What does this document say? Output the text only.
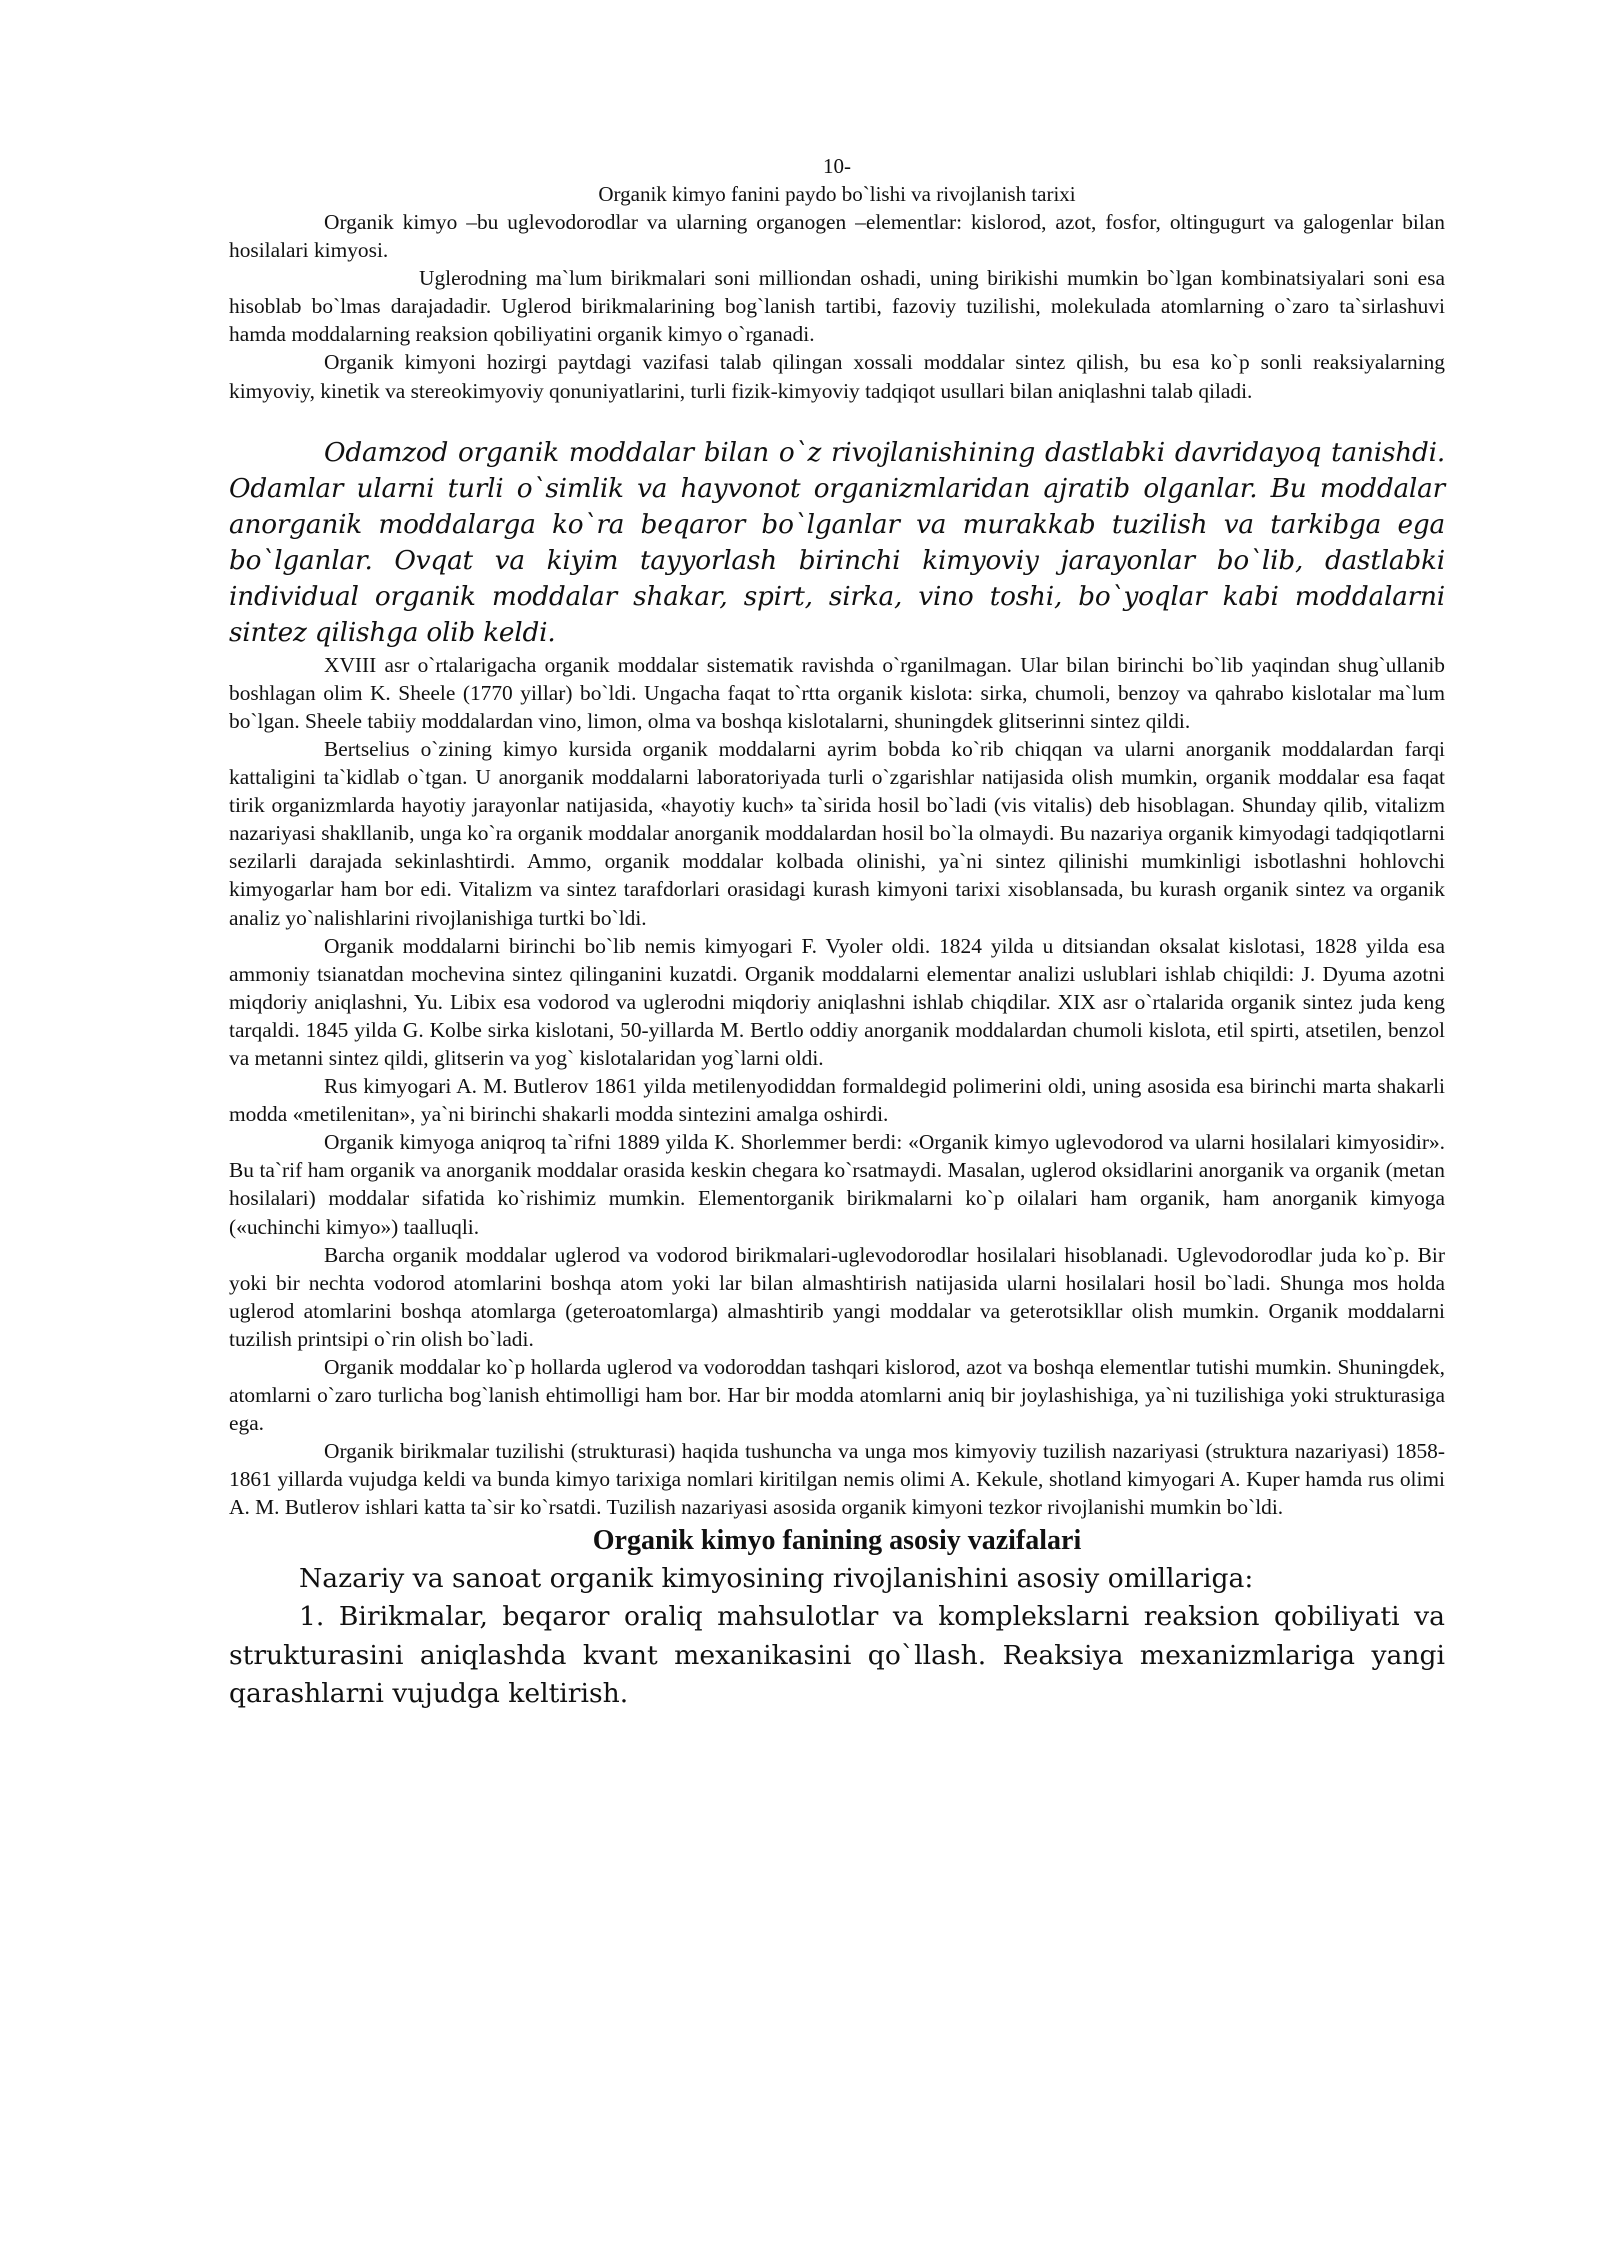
10-
Organik kimyo fanini paydo bo`lishi va rivojlanish tarixi

Organik kimyo –bu uglevodorodlar va ularning organogen –elementlar: kislorod, azot, fosfor, oltingugurt va galogenlar bilan hosilalari kimyosi.

Uglerodning ma`lum birikmalari soni milliondan oshadi, uning birikishi mumkin bo`lgan kombinatsiyalari soni esa hisoblab bo`lmas darajadadir. Uglerod birikmalarining bog`lanish tartibi, fazoviy tuzilishi, molekulada atomlarning o`zaro ta`sirlashuvi hamda moddalarning reaksion qobiliyatini organik kimyo o`rganadi.

Organik kimyoni hozirgi paytdagi vazifasi talab qilingan xossali moddalar sintez qilish, bu esa ko`p sonli reaksiyalarning kimyoviy, kinetik va stereokimyoviy qonuniyatlarini, turli fizik-kimyoviy tadqiqot usullari bilan aniqlashni talab qiladi.

Odamzod organik moddalar bilan o`z rivojlanishining dastlabki davridayoq tanishdi. Odamlar ularni turli o`simlik va hayvonot organizmlaridan ajratib olganlar. Bu moddalar anorganik moddalarga ko`ra beqaror bo`lganlar va murakkab tuzilish va tarkibga ega bo`lganlar. Ovqat va kiyim tayyorlash birinchi kimyoviy jarayonlar bo`lib, dastlabki individual organik moddalar shakar, spirt, sirka, vino toshi, bo`yoqlar kabi moddalarni sintez qilishga olib keldi.

XVIII asr o`rtalarigacha organik moddalar sistematik ravishda o`rganilmagan. Ular bilan birinchi bo`lib yaqindan shug`ullanib boshlagan olim K. Sheele (1770 yillar) bo`ldi. Ungacha faqat to`rtta organik kislota: sirka, chumoli, benzoy va qahrabo kislotalar ma`lum bo`lgan. Sheele tabiiy moddalardan vino, limon, olma va boshqa kislotalarni, shuningdek glitserinni sintez qildi.

Bertselius o`zining kimyo kursida organik moddalarni ayrim bobda ko`rib chiqqan va ularni anorganik moddalardan farqi kattaligini ta`kidlab o`tgan. U anorganik moddalarni laboratoriyada turli o`zgarishlar natijasida olish mumkin, organik moddalar esa faqat tirik organizmlarda hayotiy jarayonlar natijasida, «hayotiy kuch» ta`sirida hosil bo`ladi (vis vitalis) deb hisoblagan. Shunday qilib, vitalizm nazariyasi shakllanib, unga ko`ra organik moddalar anorganik moddalardan hosil bo`la olmaydi. Bu nazariya organik kimyodagi tadqiqotlarni sezilarli darajada sekinlashtirdi. Ammo, organik moddalar kolbada olinishi, ya`ni sintez qilinishi mumkinligi isbotlashni hohlovchi kimyogarlar ham bor edi. Vitalizm va sintez tarafdorlari orasidagi kurash kimyoni tarixi xisoblansada, bu kurash organik sintez va organik analiz yo`nalishlarini rivojlanishiga turtki bo`ldi.

Organik moddalarni birinchi bo`lib nemis kimyogari F. Vyoler oldi. 1824 yilda u ditsiandan oksalat kislotasi, 1828 yilda esa ammoniy tsianatdan mochevina sintez qilinganini kuzatdi. Organik moddalarni elementar analizi uslublari ishlab chiqildi: J. Dyuma azotni miqdoriy aniqlashni, Yu. Libix esa vodorod va uglerodni miqdoriy aniqlashni ishlab chiqdilar. XIX asr o`rtalarida organik sintez juda keng tarqaldi. 1845 yilda G. Kolbe sirka kislotani, 50-yillarda M. Bertlo oddiy anorganik moddalardan chumoli kislota, etil spirti, atsetilen, benzol va metanni sintez qildi, glitserin va yog` kislotalaridan yog`larni oldi.

Rus kimyogari A. M. Butlerov 1861 yilda metilenyodiddan formaldegid polimerini oldi, uning asosida esa birinchi marta shakarli modda «metilenitan», ya`ni birinchi shakarli modda sintezini amalga oshirdi.

Organik kimyoga aniqroq ta`rifni 1889 yilda K. Shorlemmer berdi: «Organik kimyo uglevodorod va ularni hosilalari kimyosidir». Bu ta`rif ham organik va anorganik moddalar orasida keskin chegara ko`rsatmaydi. Masalan, uglerod oksidlarini anorganik va organik (metan hosilalari) moddalar sifatida ko`rishimiz mumkin. Elementorganik birikmalarni ko`p oilalari ham organik, ham anorganik kimyoga («uchinchi kimyo») taalluqli.

Barcha organik moddalar uglerod va vodorod birikmalari-uglevodorodlar hosilalari hisoblanadi. Uglevodorodlar juda ko`p. Bir yoki bir nechta vodorod atomlarini boshqa atom yoki lar bilan almashtirish natijasida ularni hosilalari hosil bo`ladi. Shunga mos holda uglerod atomlarini boshqa atomlarga (geteroatomlarga) almashtirib yangi moddalar va geterotsikllar olish mumkin. Organik moddalarni tuzilish printsipi o`rin olish bo`ladi.

Organik moddalar ko`p hollarda uglerod va vodoroddan tashqari kislorod, azot va boshqa elementlar tutishi mumkin. Shuningdek, atomlarni o`zaro turlicha bog`lanish ehtimolligi ham bor. Har bir modda atomlarni aniq bir joylashishiga, ya`ni tuzilishiga yoki strukturasiga ega.

Organik birikmalar tuzilishi (strukturasi) haqida tushuncha va unga mos kimyoviy tuzilish nazariyasi (struktura nazariyasi) 1858-1861 yillarda vujudga keldi va bunda kimyo tarixiga nomlari kiritilgan nemis olimi A. Kekule, shotland kimyogari A. Kuper hamda rus olimi A. M. Butlerov ishlari katta ta`sir ko`rsatdi. Tuzilish nazariyasi asosida organik kimyoni tezkor rivojlanishi mumkin bo`ldi.

Organik kimyo fanining asosiy vazifalari

Nazariy va sanoat organik kimyosining rivojlanishini asosiy omillariga:

1. Birikmalar, beqaror oraliq mahsulotlar va komplekslarni reaksion qobiliyati va strukturasini aniqlashda kvant mexanikasini qo`llash. Reaksiya mexanizmlariga yangi qarashlarni vujudga keltirish.
